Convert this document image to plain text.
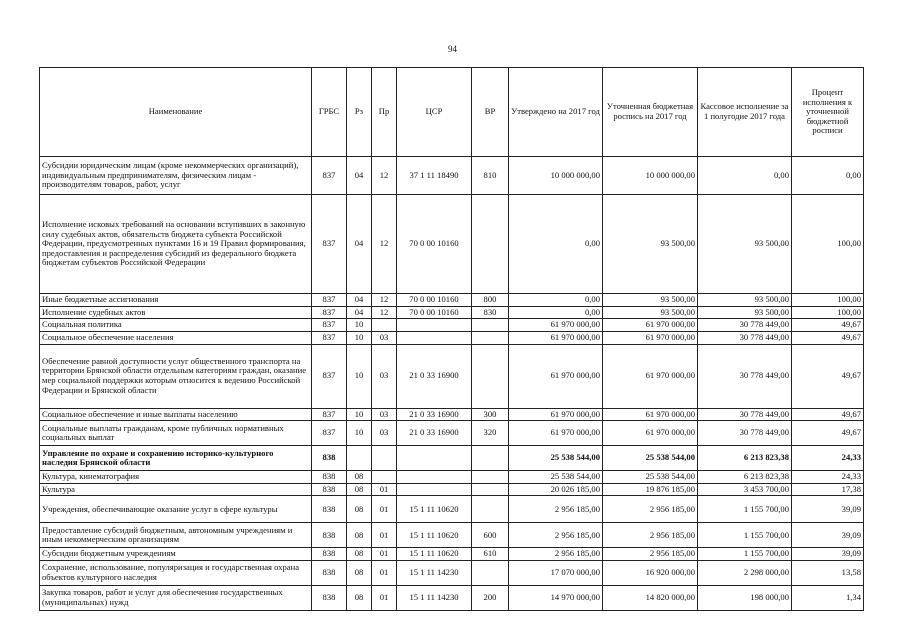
94
Наименование	ГРБС	Рз	Пр	ЦСР	ВР	Утверждено на 2017 год	Уточненная бюджетная роспись на 2017 год	Кассовое исполнение за 1 полугодие 2017 года	Процент исполнения к уточненной бюджетной росписи
Субсидии юридическим лицам (кроме некоммерческих организаций), индивидуальным предпринимателям, физическим лицам - производителям товаров, работ, услуг	837	04	12	37 1 11 18490	810	10 000 000,00	10 000 000,00	0,00	0,00
Исполнение исковых требований на основании вступивших в законную силу судебных актов, обязательств бюджета субъекта Российской Федерации, предусмотренных пунктами 16 и 19 Правил формирования, предоставления и распределения субсидий из федерального бюджета бюджетам субъектов Российской Федерации	837	04	12	70 0 00 10160		0,00	93 500,00	93 500,00	100,00
Иные бюджетные ассигнования	837	04	12	70 0 00 10160	800	0,00	93 500,00	93 500,00	100,00
Исполнение судебных актов	837	04	12	70 0 00 10160	830	0,00	93 500,00	93 500,00	100,00
Социальная политика	837	10				61 970 000,00	61 970 000,00	30 778 449,00	49,67
Социальное обеспечение населения	837	10	03			61 970 000,00	61 970 000,00	30 778 449,00	49,67
Обеспечение равной доступности услуг общественного транспорта на территории Брянской области отдельным категориям граждан, оказание мер социальной поддержки которым относится к ведению Российской Федерации и Брянской области	837	10	03	21 0 33 16900		61 970 000,00	61 970 000,00	30 778 449,00	49,67
Социальное обеспечение и иные выплаты населению	837	10	03	21 0 33 16900	300	61 970 000,00	61 970 000,00	30 778 449,00	49,67
Социальные выплаты гражданам, кроме публичных нормативных социальных выплат	837	10	03	21 0 33 16900	320	61 970 000,00	61 970 000,00	30 778 449,00	49,67
Управление по охране и сохранению историко-культурного наследия Брянской области	838					25 538 544,00	25 538 544,00	6 213 823,38	24,33
Культура, кинематография	838	08				25 538 544,00	25 538 544,00	6 213 823,38	24,33
Культура	838	08	01			20 026 185,00	19 876 185,00	3 453 700,00	17,38
Учреждения, обеспечивающие оказание услуг в сфере культуры	838	08	01	15 1 11 10620		2 956 185,00	2 956 185,00	1 155 700,00	39,09
Предоставление субсидий бюджетным, автономным учреждениям и иным некоммерческим организациям	838	08	01	15 1 11 10620	600	2 956 185,00	2 956 185,00	1 155 700,00	39,09
Субсидии бюджетным учреждениям	838	08	01	15 1 11 10620	610	2 956 185,00	2 956 185,00	1 155 700,00	39,09
Сохранение, использование, популяризация и государственная охрана объектов культурного наследия	838	08	01	15 1 11 14230		17 070 000,00	16 920 000,00	2 298 000,00	13,58
Закупка товаров, работ и услуг для обеспечения государственных (муниципальных) нужд	838	08	01	15 1 11 14230	200	14 970 000,00	14 820 000,00	198 000,00	1,34
